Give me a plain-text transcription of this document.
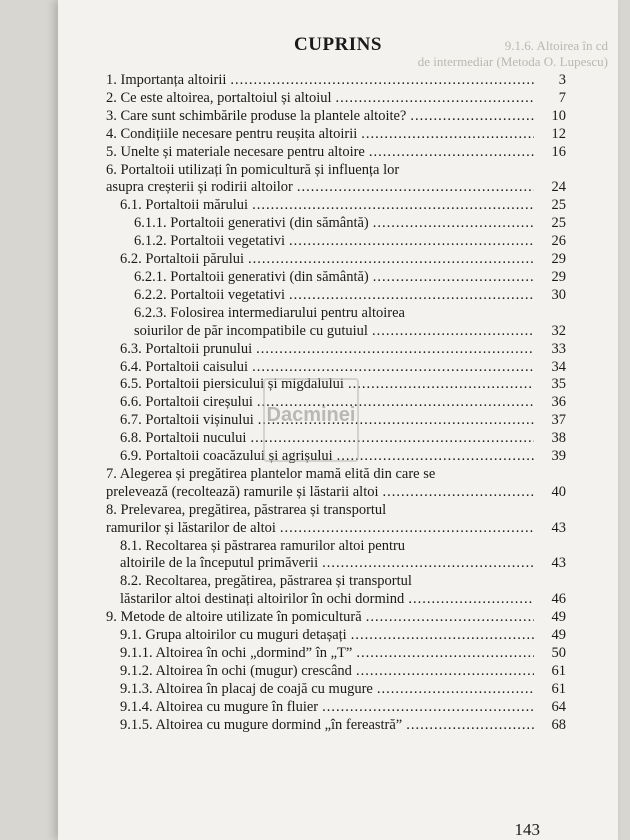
9.1.6. Altoirea în cd
de intermediar (Metoda O. Lupescu)
CUPRINS
1. Importanța altoirii .....	3
2. Ce este altoirea, portaltoiul și altoiul .....	7
3. Care sunt schimbările produse la plantele altoite? .....	10
4. Condițiile necesare pentru reușita altoirii .....	12
5. Unelte și materiale necesare pentru altoire .....	16
6. Portaltoii utilizați în pomicultură și influența lor
asupra creșterii și rodirii altoilor .....	24
6.1. Portaltoii mărului .....	25
6.1.1. Portaltoii generativi (din sământă) .....	25
6.1.2. Portaltoii vegetativi .....	26
6.2. Portaltoii părului .....	29
6.2.1. Portaltoii generativi (din sământă) .....	29
6.2.2. Portaltoii vegetativi .....	30
6.2.3. Folosirea intermediarului pentru altoirea
soiurilor de păr incompatibile cu gutuiul .....	32
6.3. Portaltoii prunului .....	33
6.4. Portaltoii caisului .....	34
6.5. Portaltoii piersicului și migdalului .....	35
6.6. Portaltoii cireșului .....	36
6.7. Portaltoii vișinului .....	37
6.8. Portaltoii nucului .....	38
6.9. Portaltoii coacăzului și agrișului .....	39
7. Alegerea și pregătirea plantelor mamă elită din care se
prelevează (recoltează) ramurile și lăstarii altoi .....	40
8. Prelevarea, pregătirea, păstrarea și transportul
ramurilor și lăstarilor de altoi .....	43
8.1. Recoltarea și păstrarea ramurilor altoi pentru
altoirile de la începutul primăverii .....	43
8.2. Recoltarea, pregătirea, păstrarea și transportul
lăstarilor altoi destinați altoirilor în ochi dormind .....	46
9. Metode de altoire utilizate în pomicultură .....	49
9.1. Grupa altoirilor cu muguri detașați .....	49
9.1.1. Altoirea în ochi „dormind” în „T” .....	50
9.1.2. Altoirea în ochi (mugur) crescând .....	61
9.1.3. Altoirea în placaj de coajă cu mugure .....	61
9.1.4. Altoirea cu mugure în fluier .....	64
9.1.5. Altoirea cu mugure dormind „în fereastră” .....	68
Dacminei
143
